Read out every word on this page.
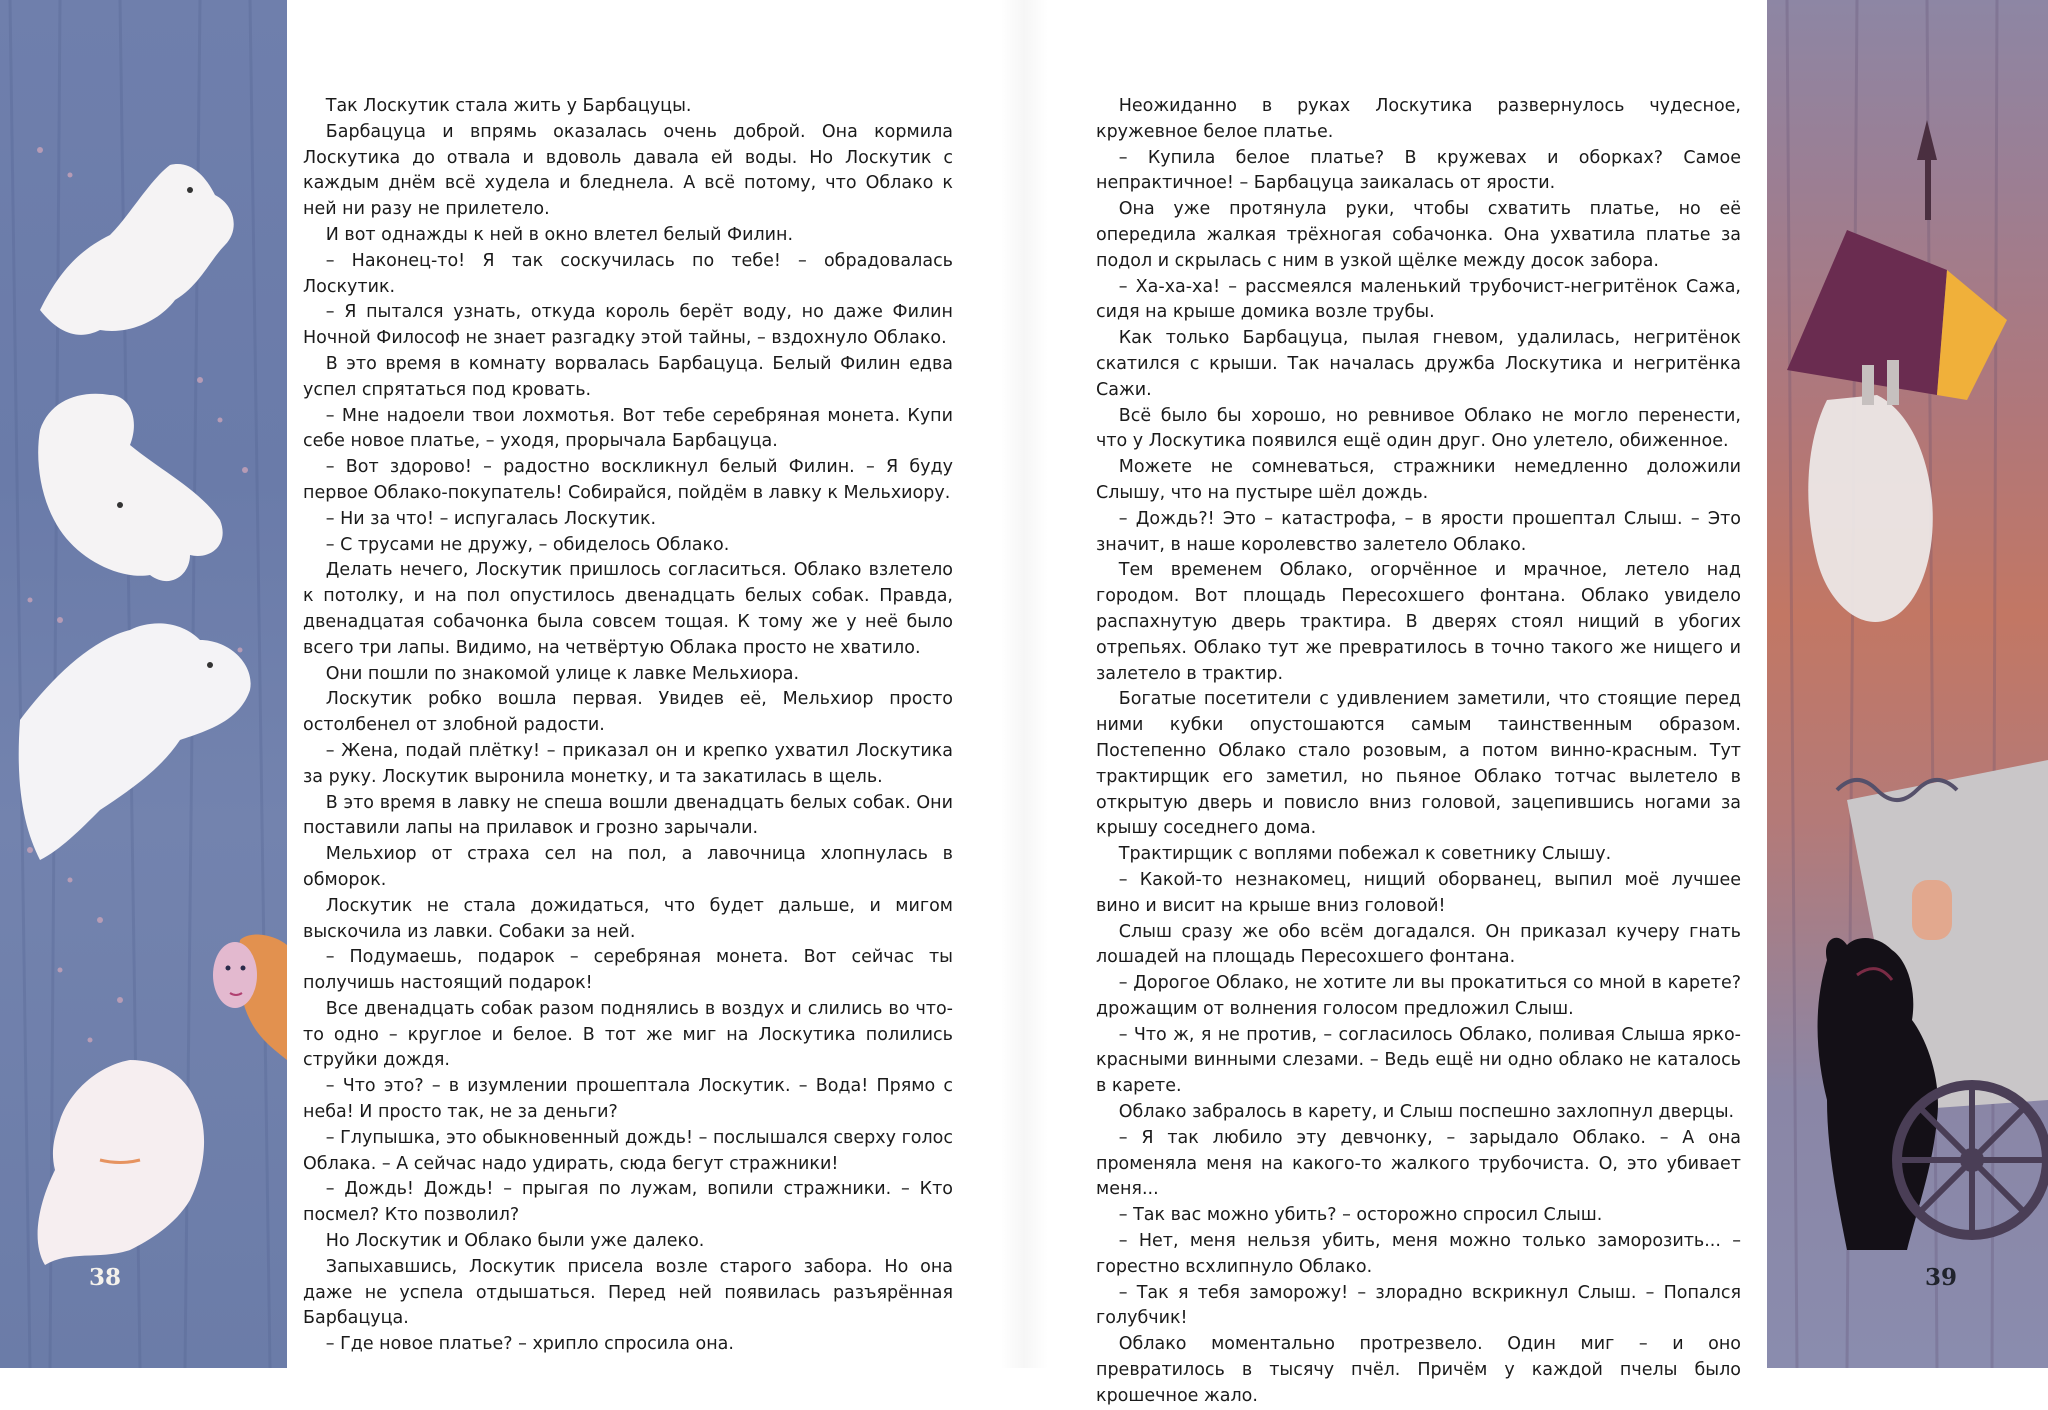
38

Так Лоскутик стала жить у Барбацуцы.

Барбацуца и впрямь оказалась очень доброй. Она кормила Лоскутика до отвала и вдоволь давала ей воды. Но Лоскутик с каждым днём всё худела и бледнела. А всё потому, что Облако к ней ни разу не прилетело.

И вот однажды к ней в окно влетел белый Филин.

– Наконец-то! Я так соскучилась по тебе! – обрадовалась Лоскутик.

– Я пытался узнать, откуда король берёт воду, но даже Филин Ночной Философ не знает разгадку этой тайны, – вздохнуло Облако.

В это время в комнату ворвалась Барбацуца. Белый Филин едва успел спрятаться под кровать.

– Мне надоели твои лохмотья. Вот тебе серебряная монета. Купи себе новое платье, – уходя, прорычала Барбацуца.

– Вот здорово! – радостно воскликнул белый Филин. – Я буду первое Облако-покупатель! Собирайся, пойдём в лавку к Мельхиору.

– Ни за что! – испугалась Лоскутик.

– С трусами не дружу, – обиделось Облако.

Делать нечего, Лоскутик пришлось согласиться. Облако взлетело к потолку, и на пол опустилось двенадцать белых собак. Правда, двенадцатая собачонка была совсем тощая. К тому же у неё было всего три лапы. Видимо, на четвёртую Облака просто не хватило.

Они пошли по знакомой улице к лавке Мельхиора.

Лоскутик робко вошла первая. Увидев её, Мельхиор просто остолбенел от злобной радости.

– Жена, подай плётку! – приказал он и крепко ухватил Лоскутика за руку. Лоскутик выронила монетку, и та закатилась в щель.

В это время в лавку не спеша вошли двенадцать белых собак. Они поставили лапы на прилавок и грозно зарычали.

Мельхиор от страха сел на пол, а лавочница хлопнулась в обморок.

Лоскутик не стала дожидаться, что будет дальше, и мигом выскочила из лавки. Собаки за ней.

– Подумаешь, подарок – серебряная монета. Вот сейчас ты получишь настоящий подарок!

Все двенадцать собак разом поднялись в воздух и слились во что-то одно – круглое и белое. В тот же миг на Лоскутика полились струйки дождя.

– Что это? – в изумлении прошептала Лоскутик. – Вода! Прямо с неба! И просто так, не за деньги?

– Глупышка, это обыкновенный дождь! – послышался сверху голос Облака. – А сейчас надо удирать, сюда бегут стражники!

– Дождь! Дождь! – прыгая по лужам, вопили стражники. – Кто посмел? Кто позволил?

Но Лоскутик и Облако были уже далеко.

Запыхавшись, Лоскутик присела возле старого забора. Но она даже не успела отдышаться. Перед ней появилась разъярённая Барбацуца.

– Где новое платье? – хрипло спросила она.

Неожиданно в руках Лоскутика развернулось чудесное, кружевное белое платье.

– Купила белое платье? В кружевах и оборках? Самое непрактичное! – Барбацуца заикалась от ярости.

Она уже протянула руки, чтобы схватить платье, но её опередила жалкая трёхногая собачонка. Она ухватила платье за подол и скрылась с ним в узкой щёлке между досок забора.

– Ха-ха-ха! – рассмеялся маленький трубочист-негритёнок Сажа, сидя на крыше домика возле трубы.

Как только Барбацуца, пылая гневом, удалилась, негритёнок скатился с крыши. Так началась дружба Лоскутика и негритёнка Сажи.

Всё было бы хорошо, но ревнивое Облако не могло перенести, что у Лоскутика появился ещё один друг. Оно улетело, обиженное.

Можете не сомневаться, стражники немедленно доложили Слышу, что на пустыре шёл дождь.

– Дождь?! Это – катастрофа, – в ярости прошептал Слыш. – Это значит, в наше королевство залетело Облако.

Тем временем Облако, огорчённое и мрачное, летело над городом. Вот площадь Пересохшего фонтана. Облако увидело распахнутую дверь трактира. В дверях стоял нищий в убогих отрепьях. Облако тут же превратилось в точно такого же нищего и залетело в трактир.

Богатые посетители с удивлением заметили, что стоящие перед ними кубки опустошаются самым таинственным образом. Постепенно Облако стало розовым, а потом винно-красным. Тут трактирщик его заметил, но пьяное Облако тотчас вылетело в открытую дверь и повисло вниз головой, зацепившись ногами за крышу соседнего дома.

Трактирщик с воплями побежал к советнику Слышу.

– Какой-то незнакомец, нищий оборванец, выпил моё лучшее вино и висит на крыше вниз головой!

Слыш сразу же обо всём догадался. Он приказал кучеру гнать лошадей на площадь Пересохшего фонтана.

– Дорогое Облако, не хотите ли вы прокатиться со мной в карете? дрожащим от волнения голосом предложил Слыш.

– Что ж, я не против, – согласилось Облако, поливая Слыша ярко-красными винными слезами. – Ведь ещё ни одно облако не каталось в карете.

Облако забралось в карету, и Слыш поспешно захлопнул дверцы.

– Я так любило эту девчонку, – зарыдало Облако. – А она променяла меня на какого-то жалкого трубочиста. О, это убивает меня...

– Так вас можно убить? – осторожно спросил Слыш.

– Нет, меня нельзя убить, меня можно только заморозить... – горестно всхлипнуло Облако.

– Так я тебя заморожу! – злорадно вскрикнул Слыш. – Попался голубчик!

Облако моментально протрезвело. Один миг – и оно превратилось в тысячу пчёл. Причём у каждой пчелы было крошечное жало.

39
